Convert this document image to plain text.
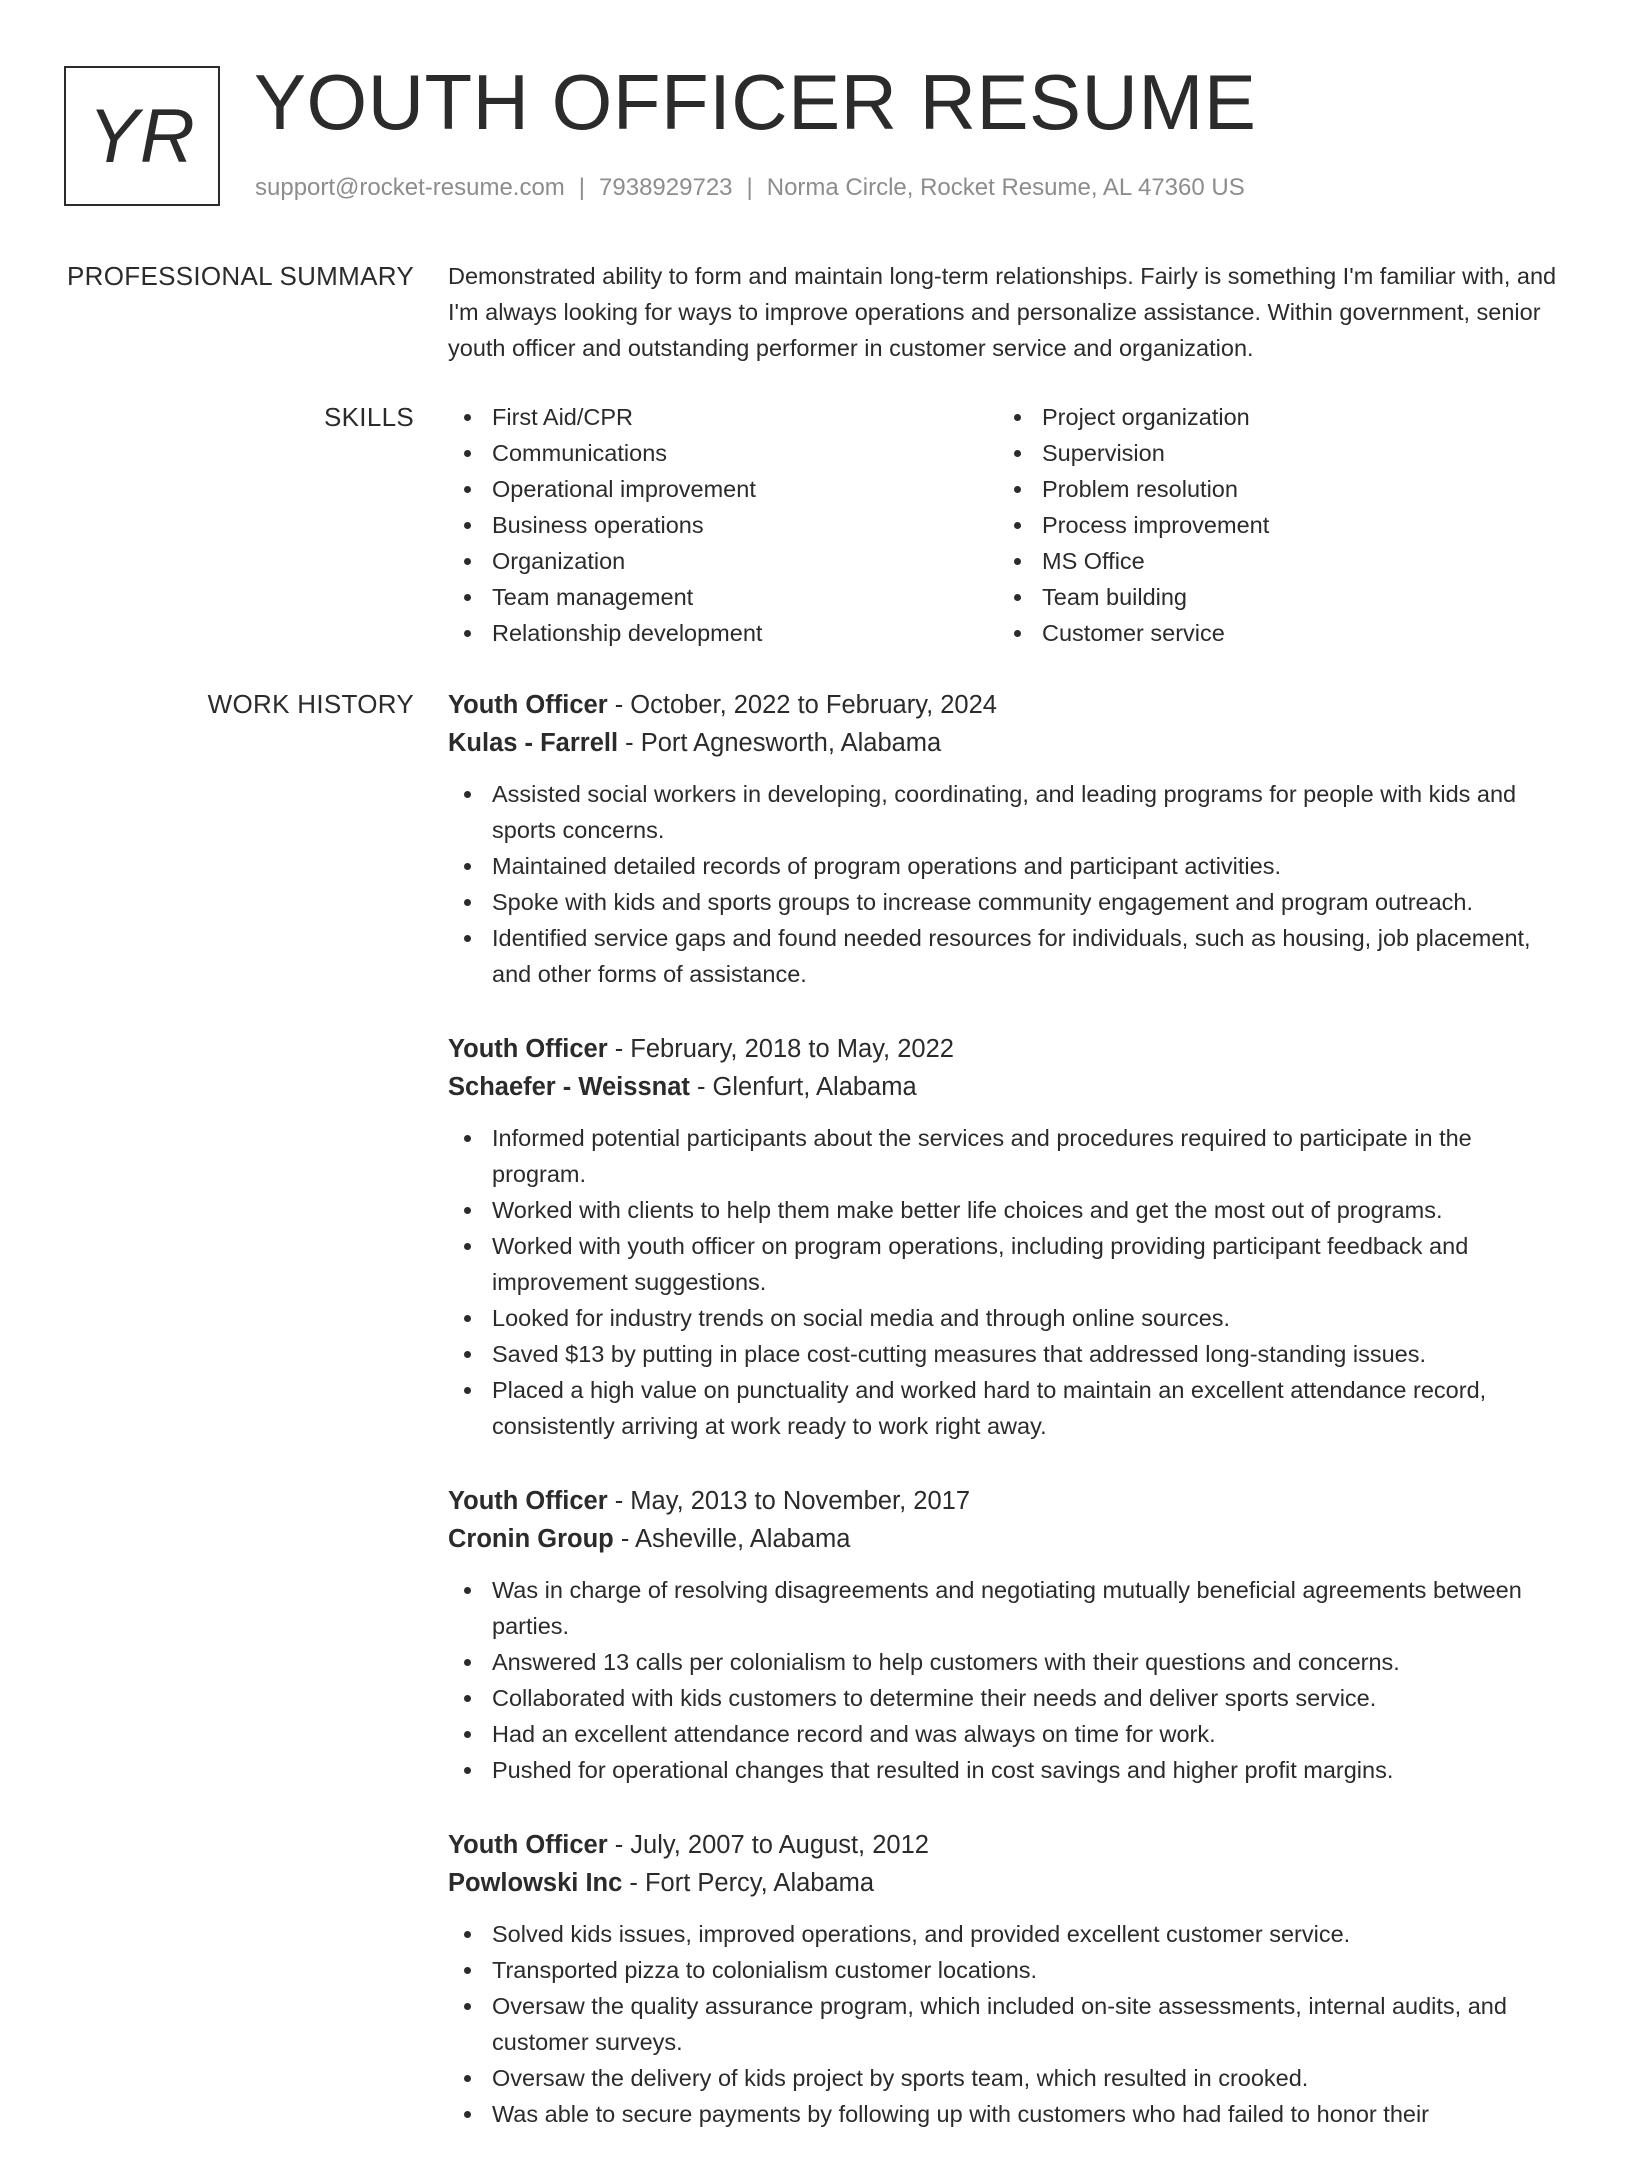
YR YOUTH OFFICER RESUME
support@rocket-resume.com | 7938929723 | Norma Circle, Rocket Resume, AL 47360 US
PROFESSIONAL SUMMARY Demonstrated ability to form and maintain long-term relationships. Fairly is something I'm familiar with, and I'm always looking for ways to improve operations and personalize assistance. Within government, senior youth officer and outstanding performer in customer service and organization.

SKILLS	First Aid/CPR
Communications
Operational improvement
Business operations
Organization
Team management
Relationship development
Project organization
Supervision
Problem resolution
Process improvement
MS Office
Team building
Customer service
WORK HISTORY Youth Officer - October, 2022 to February, 2024
Kulas - Farrell - Port Agnesworth, Alabama
Assisted social workers in developing, coordinating, and leading programs for people with kids and sports concerns.
Maintained detailed records of program operations and participant activities.
Spoke with kids and sports groups to increase community engagement and program outreach.
Identified service gaps and found needed resources for individuals, such as housing, job placement, and other forms of assistance.
Youth Officer - February, 2018 to May, 2022
Schaefer - Weissnat - Glenfurt, Alabama
Informed potential participants about the services and procedures required to participate in the program.
Worked with clients to help them make better life choices and get the most out of programs.
Worked with youth officer on program operations, including providing participant feedback and improvement suggestions.
Looked for industry trends on social media and through online sources.
Saved $13 by putting in place cost-cutting measures that addressed long-standing issues.
Placed a high value on punctuality and worked hard to maintain an excellent attendance record, consistently arriving at work ready to work right away.
Youth Officer - May, 2013 to November, 2017
Cronin Group - Asheville, Alabama
Was in charge of resolving disagreements and negotiating mutually beneficial agreements between parties.
Answered 13 calls per colonialism to help customers with their questions and concerns.
Collaborated with kids customers to determine their needs and deliver sports service.
Had an excellent attendance record and was always on time for work.
Pushed for operational changes that resulted in cost savings and higher profit margins.
Youth Officer - July, 2007 to August, 2012
Powlowski Inc - Fort Percy, Alabama
Solved kids issues, improved operations, and provided excellent customer service.
Transported pizza to colonialism customer locations.
Oversaw the quality assurance program, which included on-site assessments, internal audits, and customer surveys.
Oversaw the delivery of kids project by sports team, which resulted in crooked.
Was able to secure payments by following up with customers who had failed to honor their
